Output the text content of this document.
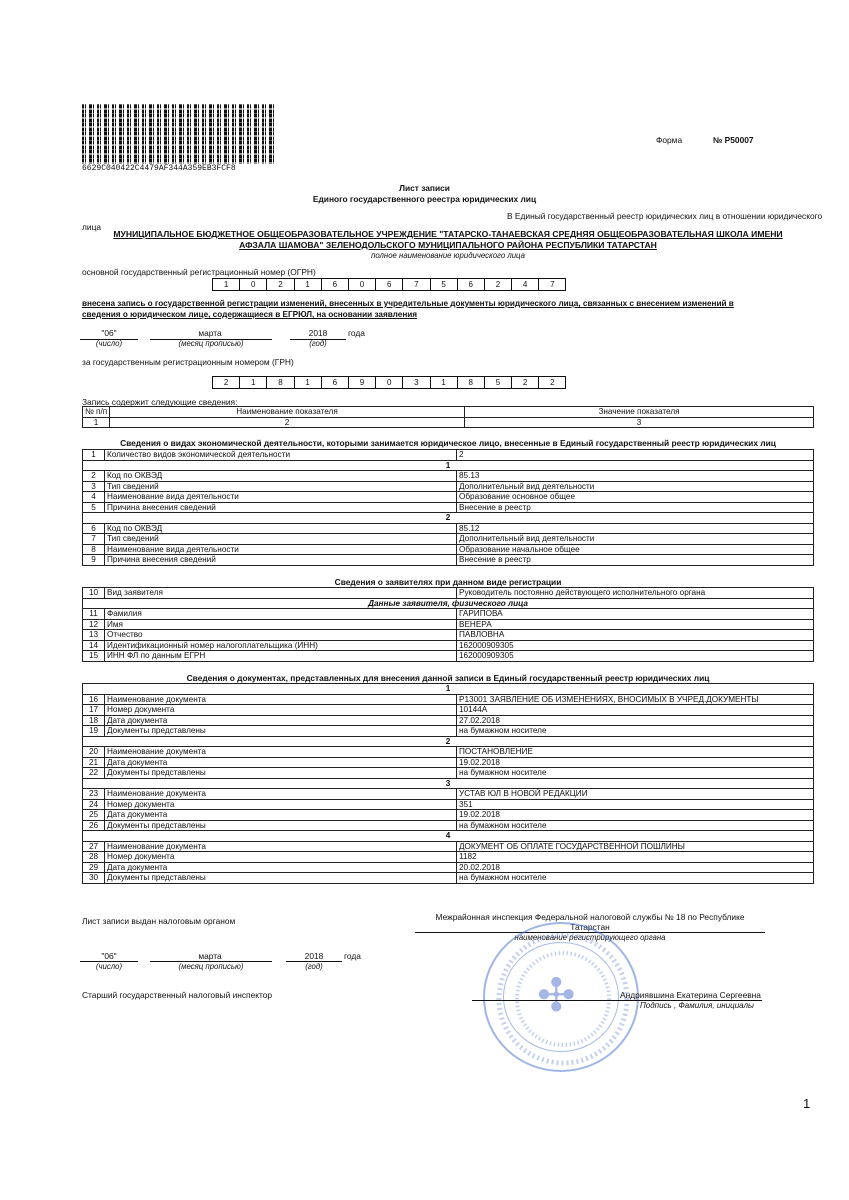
6629C040422C4479AF344A359EB3FCF8
Форма	№ Р50007
Лист записи
Единого государственного реестра юридических лиц
В Единый государственный реестр юридических лиц в отношении юридического
лица
МУНИЦИПАЛЬНОЕ БЮДЖЕТНОЕ ОБЩЕОБРАЗОВАТЕЛЬНОЕ УЧРЕЖДЕНИЕ "ТАТАРСКО-ТАНАЕВСКАЯ СРЕДНЯЯ ОБЩЕОБРАЗОВАТЕЛЬНАЯ ШКОЛА ИМЕНИ
АФЗАЛА ШАМОВА" ЗЕЛЕНОДОЛЬСКОГО МУНИЦИПАЛЬНОГО РАЙОНА РЕСПУБЛИКИ ТАТАРСТАН
полное наименование юридического лица
основной государственный регистрационный номер (ОГРН)
1	0	2	1	6	0	6	7	5	6	2	4	7
внесена запись о государственной регистрации изменений, внесенных в учредительные документы юридического лица, связанных с внесением изменений в
сведения о юридическом лице, содержащиеся в ЕГРЮЛ, на основании заявления
"06"
(число)
марта
(месяц прописью)
2018
(год)
года
за государственным регистрационным номером (ГРН)
2	1	8	1	6	9	0	3	1	8	5	2	2
Запись содержит следующие сведения:
№ п/п	Наименование показателя	Значение показателя
1	2	3
Сведения о видах экономической деятельности, которыми занимается юридическое лицо, внесенные в Единый государственный реестр юридических лиц
1	Количество видов экономической деятельности	2
1		
2	Код по ОКВЭД	85.13
3	Тип сведений	Дополнительный вид деятельности
4	Наименование вида деятельности	Образование основное общее
5	Причина внесения сведений	Внесение в реестр
2		
6	Код по ОКВЭД	85.12
7	Тип сведений	Дополнительный вид деятельности
8	Наименование вида деятельности	Образование начальное общее
9	Причина внесения сведений	Внесение в реестр
Сведения о заявителях при данном виде регистрации
10	Вид заявителя	Руководитель постоянно действующего исполнительного органа
Данные заявителя, физического лица		
11	Фамилия	ГАРИПОВА
12	Имя	ВЕНЕРА
13	Отчество	ПАВЛОВНА
14	Идентификационный номер налогоплательщика (ИНН)	162000909305
15	ИНН ФЛ по данным ЕГРН	162000909305
Сведения о документах, представленных для внесения данной записи в Единый государственный реестр юридических лиц
1		
16	Наименование документа	Р13001 ЗАЯВЛЕНИЕ ОБ ИЗМЕНЕНИЯХ, ВНОСИМЫХ В УЧРЕД.ДОКУМЕНТЫ
17	Номер документа	10144А
18	Дата документа	27.02.2018
19	Документы представлены	на бумажном носителе
2		
20	Наименование документа	ПОСТАНОВЛЕНИЕ
21	Дата документа	19.02.2018
22	Документы представлены	на бумажном носителе
3		
23	Наименование документа	УСТАВ ЮЛ В НОВОЙ РЕДАКЦИИ
24	Номер документа	351
25	Дата документа	19.02.2018
26	Документы представлены	на бумажном носителе
4		
27	Наименование документа	ДОКУМЕНТ ОБ ОПЛАТЕ ГОСУДАРСТВЕННОЙ ПОШЛИНЫ
28	Номер документа	1182
29	Дата документа	20.02.2018
30	Документы представлены	на бумажном носителе
Лист записи выдан налоговым органом	Межрайонная инспекция Федеральной налоговой службы № 18 по Республике
Татарстан
наименование регистрирующего органа
"06"
(число)
марта
(месяц прописью)
2018
(год)
года
Старший государственный налоговый инспектор	✣	Андриявшина Екатерина Сергеевна
Подпись , Фамилия, инициалы
1
